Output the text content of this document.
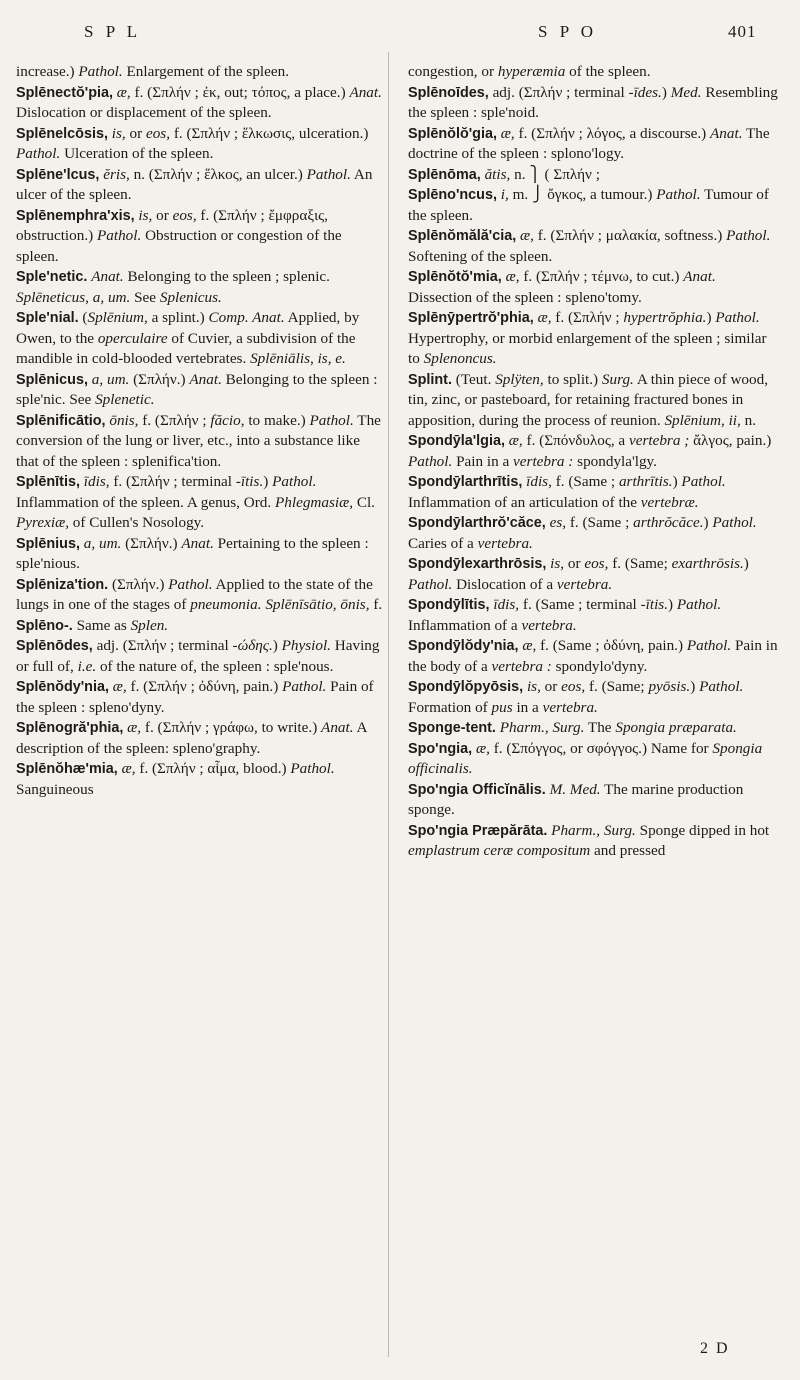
S P L	S P O	401

increase.) Pathol. Enlargement of the spleen.

Splēnectŏ'pia, æ, f. (Σπλήν ; ἐκ, out; τόπος, a place.) Anat. Dislocation or displacement of the spleen.

Splēnelcōsis, is, or eos, f. (Σπλήν ; ἕλκωσις, ulceration.) Pathol. Ulceration of the spleen.

Splēne'lcus, ĕris, n. (Σπλήν ; ἕλκος, an ulcer.) Pathol. An ulcer of the spleen.

Splēnemphra'xis, is, or eos, f. (Σπλήν ; ἔμφραξις, obstruction.) Pathol. Obstruction or congestion of the spleen.

Sple'netic. Anat. Belonging to the spleen ; splenic. Splēneticus, a, um. See Splenicus.

Sple'nial. (Splēnium, a splint.) Comp. Anat. Applied, by Owen, to the operculaire of Cuvier, a subdivision of the mandible in cold-blooded vertebrates. Splēniālis, is, e.

Splēnicus, a, um. (Σπλήν.) Anat. Belonging to the spleen : sple'nic. See Splenetic.

Splēnificātio, ōnis, f. (Σπλήν ; făcio, to make.) Pathol. The conversion of the lung or liver, etc., into a substance like that of the spleen : splenifica'tion.

Splēnītis, īdis, f. (Σπλήν ; terminal -ītis.) Pathol. Inflammation of the spleen. A genus, Ord. Phlegmasiæ, Cl. Pyrexiæ, of Cullen's Nosology.

Splēnius, a, um. (Σπλήν.) Anat. Pertaining to the spleen : sple'nious.

Splēniza'tion. (Σπλήν.) Pathol. Applied to the state of the lungs in one of the stages of pneumonia. Splēnīsātio, ōnis, f.

Splēno-. Same as Splen.

Splēnōdes, adj. (Σπλήν ; terminal -ώδης.) Physiol. Having or full of, i.e. of the nature of, the spleen : sple'nous.

Splēnŏdy'nia, æ, f. (Σπλήν ; ὀδύνη, pain.) Pathol. Pain of the spleen : spleno'dyny.

Splēnogră'phia, æ, f. (Σπλήν ; γράφω, to write.) Anat. A description of the spleen: spleno'graphy.

Splēnŏhæ'mia, æ, f. (Σπλήν ; αἷμα, blood.) Pathol. Sanguineous

congestion, or hyperæmia of the spleen.

Splēnoīdes, adj. (Σπλήν ; terminal -īdes.) Med. Resembling the spleen : sple'noid.

Splēnŏlŏ'gia, æ, f. (Σπλήν ; λόγος, a discourse.) Anat. The doctrine of the spleen : splono'logy.

Splēnōma, ătis, n. ⎫ ( Σπλήν ;

Splēno'ncus, i, m. ⎭ ὄγκος, a tumour.) Pathol. Tumour of the spleen.

Splēnŏmălă'cia, æ, f. (Σπλήν ; μαλακία, softness.) Pathol. Softening of the spleen.

Splēnŏtŏ'mia, æ, f. (Σπλήν ; τέμνω, to cut.) Anat. Dissection of the spleen : spleno'tomy.

Splēnȳpertrŏ'phia, æ, f. (Σπλήν ; hypertrŏphia.) Pathol. Hypertrophy, or morbid enlargement of the spleen ; similar to Splenoncus.

Splint. (Teut. Splÿten, to split.) Surg. A thin piece of wood, tin, zinc, or pasteboard, for retaining fractured bones in apposition, during the process of reunion. Splēnium, ii, n.

Spondȳla'lgia, æ, f. (Σπόνδυλος, a vertebra ; ἄλγος, pain.) Pathol. Pain in a vertebra : spondyla'lgy.

Spondȳlarthrītis, īdis, f. (Same ; arthrītis.) Pathol. Inflammation of an articulation of the vertebræ.

Spondȳlarthrŏ'căce, es, f. (Same ; arthrŏcăce.) Pathol. Caries of a vertebra.

Spondȳlexarthrōsis, is, or eos, f. (Same; exarthrōsis.) Pathol. Dislocation of a vertebra.

Spondȳlītis, īdis, f. (Same ; terminal -ītis.) Pathol. Inflammation of a vertebra.

Spondȳlŏdy'nia, æ, f. (Same ; ὀδύνη, pain.) Pathol. Pain in the body of a vertebra : spondylo'dyny.

Spondȳlŏpyōsis, is, or eos, f. (Same; pyōsis.) Pathol. Formation of pus in a vertebra.

Sponge-tent. Pharm., Surg. The Spongia præparata.

Spo'ngia, æ, f. (Σπόγγος, or σφόγγος.) Name for Spongia officinalis.

Spo'ngia Officĭnālis. M. Med. The marine production sponge.

Spo'ngia Præpărāta. Pharm., Surg. Sponge dipped in hot emplastrum ceræ compositum and pressed

2 D
